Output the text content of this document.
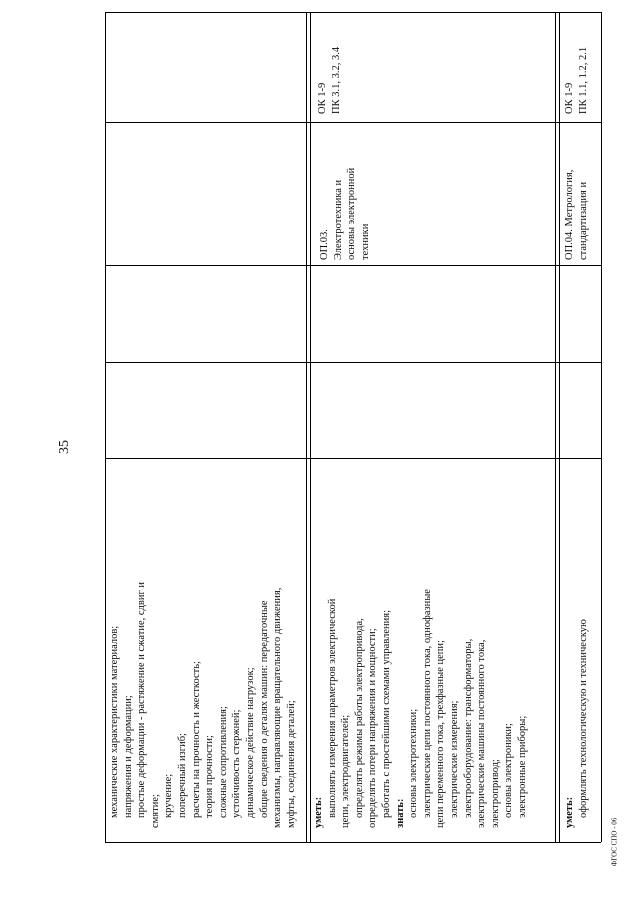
35
ФГОС СПО - 06
механические характеристики материалов; напряжения и деформации; простые деформации - растяжение и сжатие, сдвиг и смятие; кручение; поперечный изгиб; расчеты на прочность и жесткость; теория прочности; сложные сопротивления; устойчивость стержней; динамическое действие нагрузок; общие сведения о деталях машин: передаточные механизмы, направляющие вращательного движения, муфты, соединения деталей; уметь: выполнять измерения параметров электрической цепи, электродвигателей; определять режимы работы электропривода, определять потери напряжения и мощности; работать с простейшими схемами управления; знать: основы электротехники; электрические цепи постоянного тока, однофазные цепи переменного тока, трехфазные цепи; электрические измерения; электрооборудование: трансформаторы, электрические машины постоянного тока, электропривод; основы электроники; электронные приборы;
ОП.03. Электротехника и основы электронной техники
ОК 1-9 ПК 3.1, 3.2, 3.4
уметь: оформлять технологическую и техническую
ОП.04. Метрология, стандартизация и
ОК 1-9 ПК 1.1, 1.2, 2.1
